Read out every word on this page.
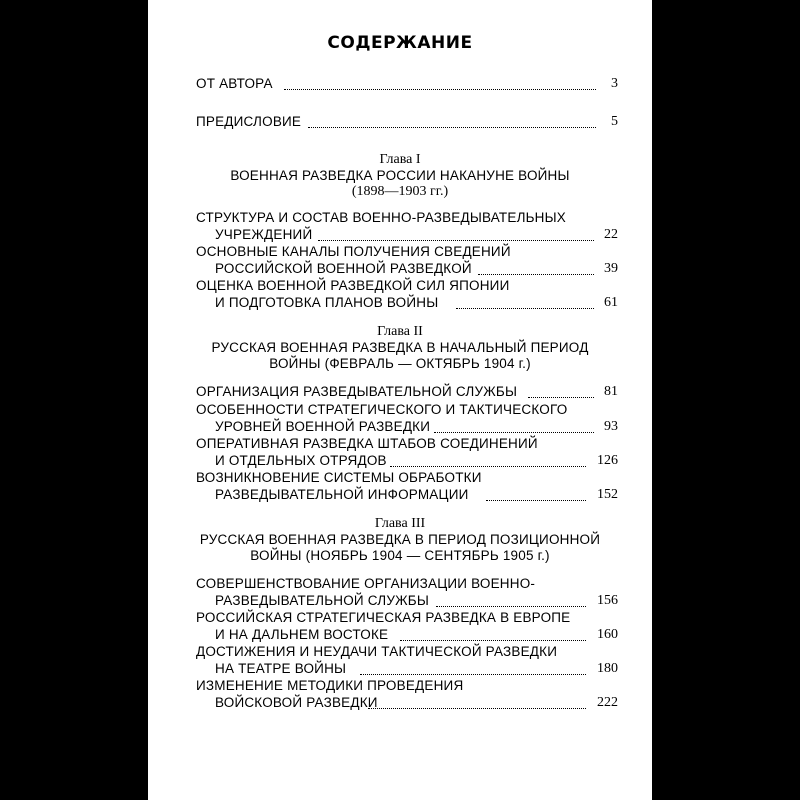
СОДЕРЖАНИЕ
ОТ АВТОРА	3
ПРЕДИСЛОВИЕ	5
Глава I
ВОЕННАЯ РАЗВЕДКА РОССИИ НАКАНУНЕ ВОЙНЫ
(1898—1903 гг.)
СТРУКТУРА И СОСТАВ ВОЕННО-РАЗВЕДЫВАТЕЛЬНЫХ
УЧРЕЖДЕНИЙ	22
ОСНОВНЫЕ КАНАЛЫ ПОЛУЧЕНИЯ СВЕДЕНИЙ
РОССИЙСКОЙ ВОЕННОЙ РАЗВЕДКОЙ	39
ОЦЕНКА ВОЕННОЙ РАЗВЕДКОЙ СИЛ ЯПОНИИ
И ПОДГОТОВКА ПЛАНОВ ВОЙНЫ	61
Глава II
РУССКАЯ ВОЕННАЯ РАЗВЕДКА В НАЧАЛЬНЫЙ ПЕРИОД
ВОЙНЫ (ФЕВРАЛЬ — ОКТЯБРЬ 1904 г.)
ОРГАНИЗАЦИЯ РАЗВЕДЫВАТЕЛЬНОЙ СЛУЖБЫ	81
ОСОБЕННОСТИ СТРАТЕГИЧЕСКОГО И ТАКТИЧЕСКОГО
УРОВНЕЙ ВОЕННОЙ РАЗВЕДКИ	93
ОПЕРАТИВНАЯ РАЗВЕДКА ШТАБОВ СОЕДИНЕНИЙ
И ОТДЕЛЬНЫХ ОТРЯДОВ	126
ВОЗНИКНОВЕНИЕ СИСТЕМЫ ОБРАБОТКИ
РАЗВЕДЫВАТЕЛЬНОЙ ИНФОРМАЦИИ	152
Глава III
РУССКАЯ ВОЕННАЯ РАЗВЕДКА В ПЕРИОД ПОЗИЦИОННОЙ
ВОЙНЫ (НОЯБРЬ 1904 — СЕНТЯБРЬ 1905 г.)
СОВЕРШЕНСТВОВАНИЕ ОРГАНИЗАЦИИ ВОЕННО-
РАЗВЕДЫВАТЕЛЬНОЙ СЛУЖБЫ	156
РОССИЙСКАЯ СТРАТЕГИЧЕСКАЯ РАЗВЕДКА В ЕВРОПЕ
И НА ДАЛЬНЕМ ВОСТОКЕ	160
ДОСТИЖЕНИЯ И НЕУДАЧИ ТАКТИЧЕСКОЙ РАЗВЕДКИ
НА ТЕАТРЕ ВОЙНЫ	180
ИЗМЕНЕНИЕ МЕТОДИКИ ПРОВЕДЕНИЯ
ВОЙСКОВОЙ РАЗВЕДКИ	222
